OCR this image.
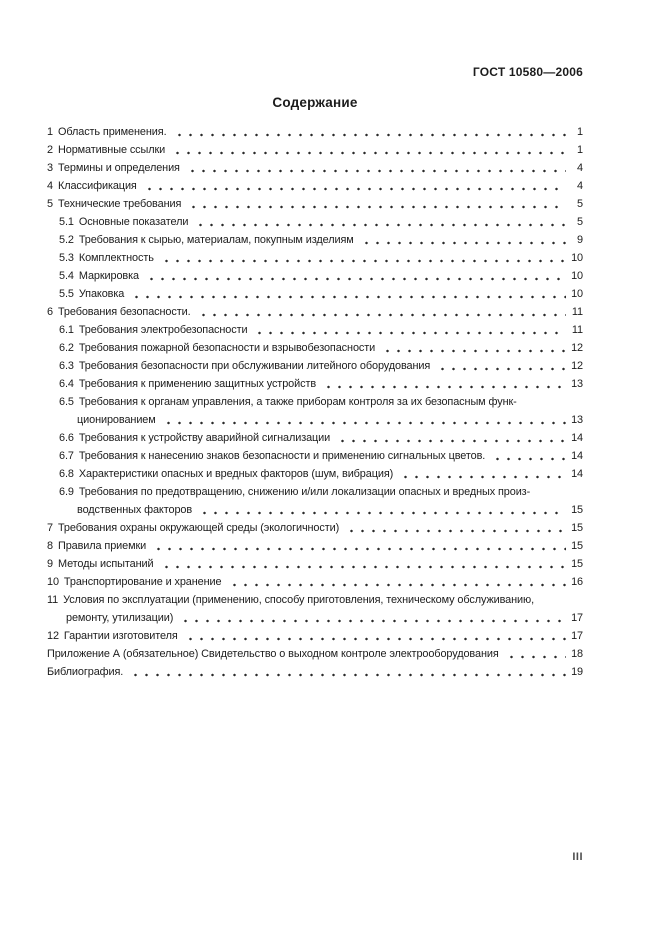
ГОСТ 10580—2006
Содержание
1 Область применения.	1
2 Нормативные ссылки	1
3 Термины и определения	4
4 Классификация	4
5 Технические требования	5
5.1 Основные показатели	5
5.2 Требования к сырью, материалам, покупным изделиям	9
5.3 Комплектность	10
5.4 Маркировка	10
5.5 Упаковка	10
6 Требования безопасности.	11
6.1 Требования электробезопасности	11
6.2 Требования пожарной безопасности и взрывобезопасности	12
6.3 Требования безопасности при обслуживании литейного оборудования	12
6.4 Требования к применению защитных устройств	13
6.5 Требования к органам управления, а также приборам контроля за их безопасным функ-
ционированием	13
6.6 Требования к устройству аварийной сигнализации	14
6.7 Требования к нанесению знаков безопасности и применению сигнальных цветов.	14
6.8 Характеристики опасных и вредных факторов (шум, вибрация)	14
6.9 Требования по предотвращению, снижению и/или локализации опасных и вредных произ-
водственных факторов	15
7 Требования охраны окружающей среды (экологичности)	15
8 Правила приемки	15
9 Методы испытаний	15
10 Транспортирование и хранение	16
11 Условия по эксплуатации (применению, способу приготовления, техническому обслуживанию,
ремонту, утилизации)	17
12 Гарантии изготовителя	17
Приложение А (обязательное) Свидетельство о выходном контроле электрооборудования	18
Библиография.	19
III
